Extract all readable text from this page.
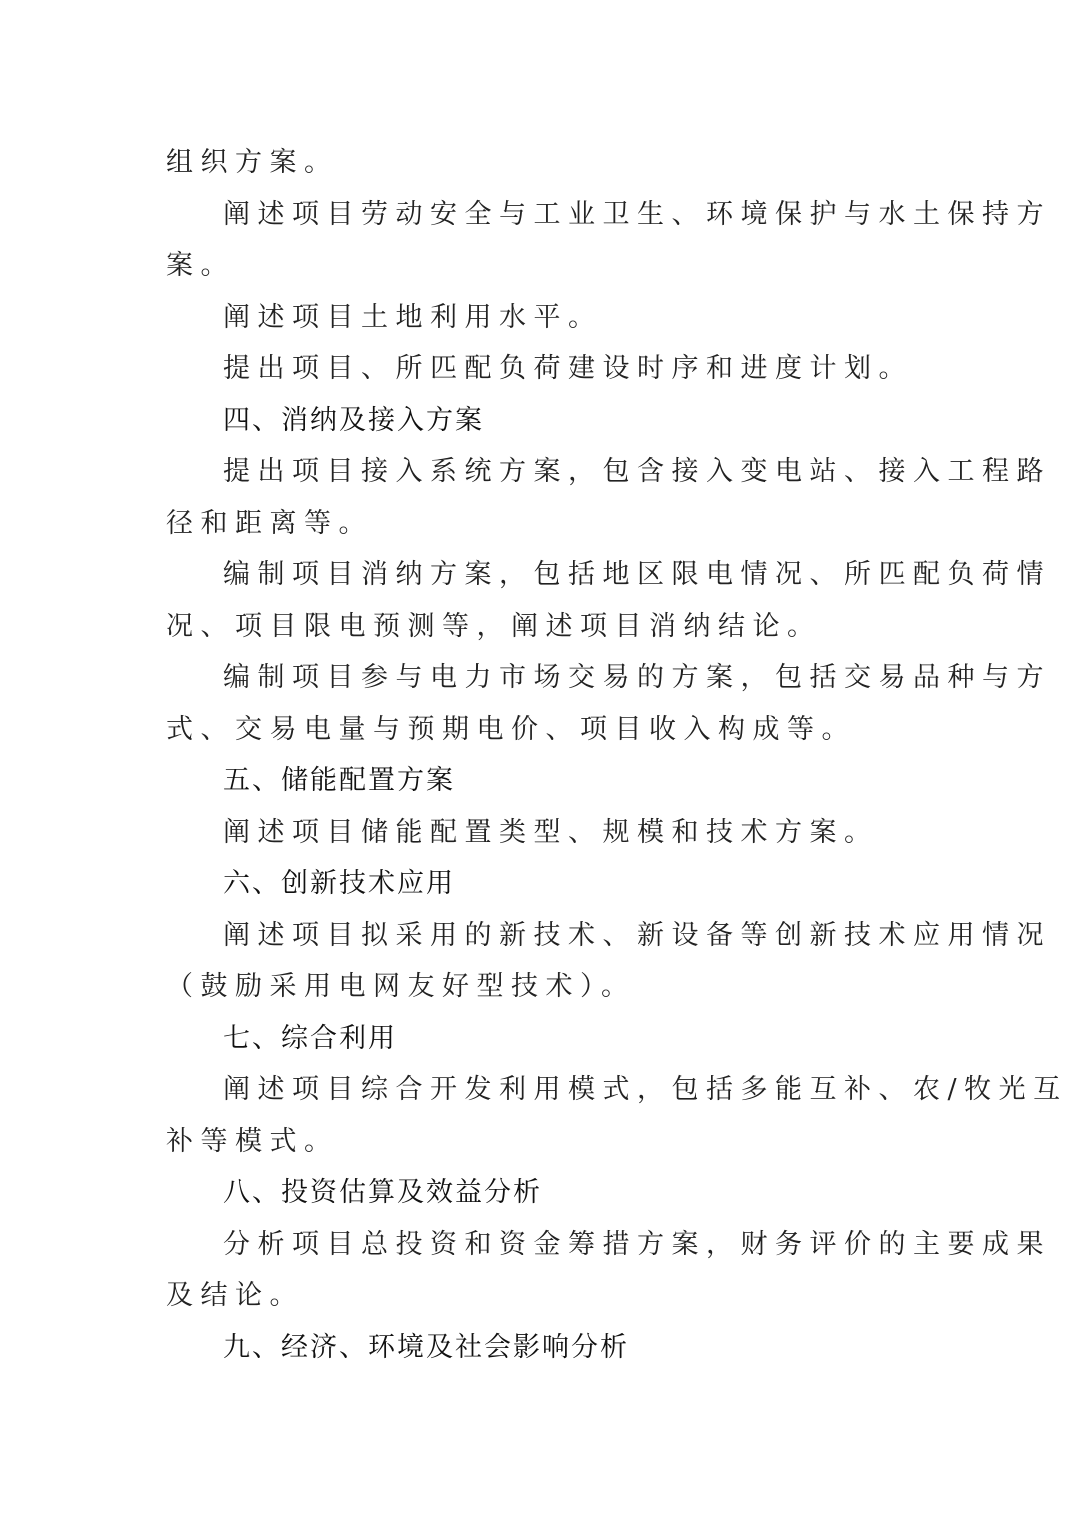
组织方案。
阐述项目劳动安全与工业卫生、环境保护与水土保持方
案。
阐述项目土地利用水平。
提出项目、所匹配负荷建设时序和进度计划。
四、消纳及接入方案
提出项目接入系统方案，包含接入变电站、接入工程路
径和距离等。
编制项目消纳方案，包括地区限电情况、所匹配负荷情
况、项目限电预测等，阐述项目消纳结论。
编制项目参与电力市场交易的方案，包括交易品种与方
式、交易电量与预期电价、项目收入构成等。
五、储能配置方案
阐述项目储能配置类型、规模和技术方案。
六、创新技术应用
阐述项目拟采用的新技术、新设备等创新技术应用情况
（鼓励采用电网友好型技术）。
七、综合利用
阐述项目综合开发利用模式，包括多能互补、农/牧光互
补等模式。
八、投资估算及效益分析
分析项目总投资和资金筹措方案，财务评价的主要成果
及结论。
九、经济、环境及社会影响分析
